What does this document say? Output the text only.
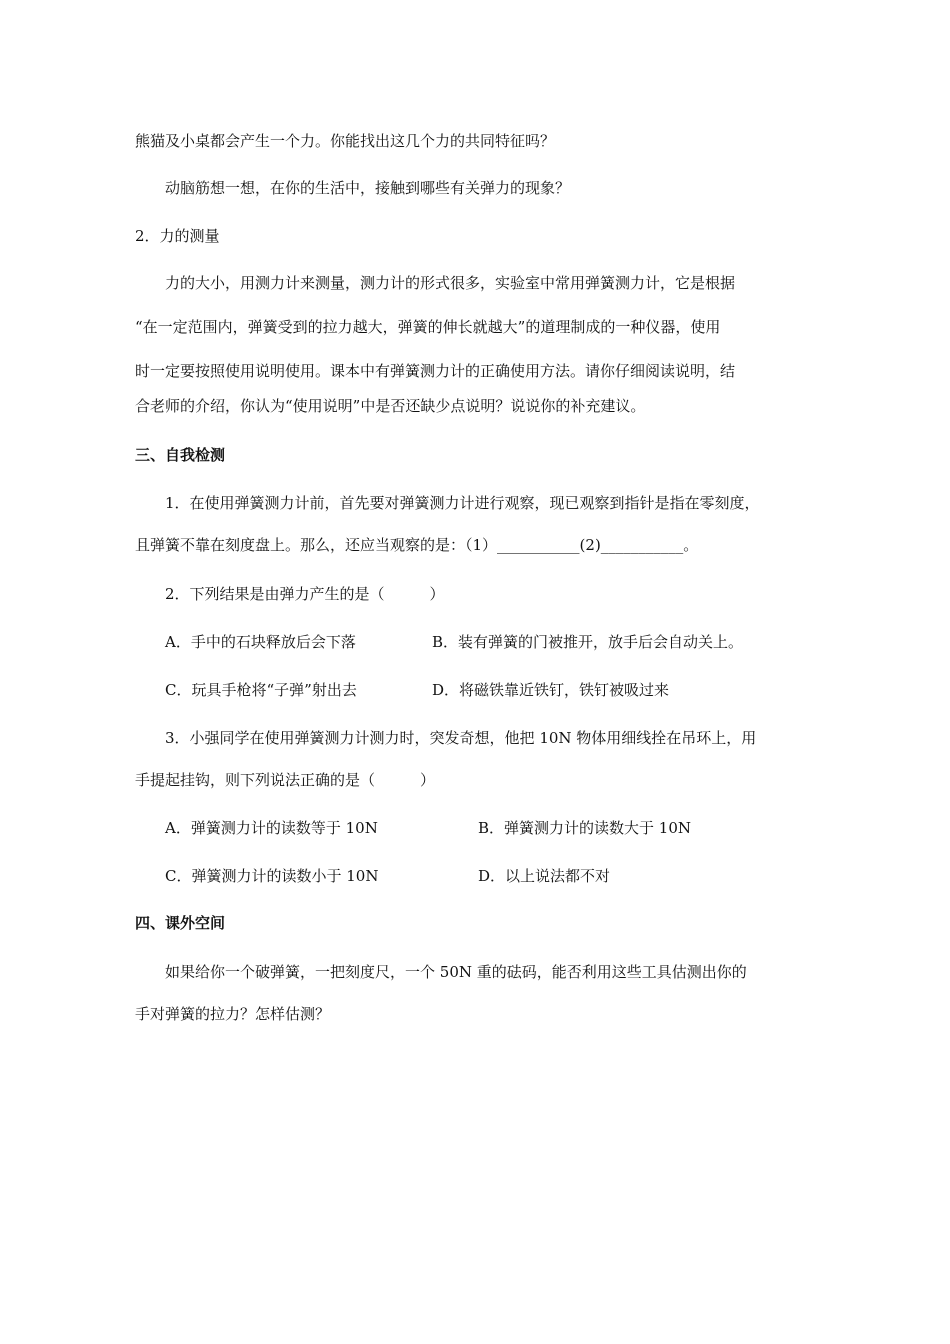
熊猫及小桌都会产生一个力。你能找出这几个力的共同特征吗？
动脑筋想一想，在你的生活中，接触到哪些有关弹力的现象？
2．力的测量
力的大小，用测力计来测量，测力计的形式很多，实验室中常用弹簧测力计，它是根据
“在一定范围内，弹簧受到的拉力越大，弹簧的伸长就越大”的道理制成的一种仪器，使用
时一定要按照使用说明使用。课本中有弹簧测力计的正确使用方法。请你仔细阅读说明，结
合老师的介绍，你认为“使用说明”中是否还缺少点说明？说说你的补充建议。
三、自我检测
1．在使用弹簧测力计前，首先要对弹簧测力计进行观察，现已观察到指针是指在零刻度，
且弹簧不靠在刻度盘上。那么，还应当观察的是：（1）___________(2)___________。
2．下列结果是由弹力产生的是（　　　）
A．手中的石块释放后会下落	B．装有弹簧的门被推开，放手后会自动关上。
C．玩具手枪将“子弹”射出去	D．将磁铁靠近铁钉，铁钉被吸过来
3．小强同学在使用弹簧测力计测力时，突发奇想，他把 10N 物体用细线拴在吊环上，用
手提起挂钩，则下列说法正确的是（　　　）
A．弹簧测力计的读数等于 10N	B．弹簧测力计的读数大于 10N
C．弹簧测力计的读数小于 10N	D．以上说法都不对
四、课外空间
如果给你一个破弹簧，一把刻度尺，一个 50N 重的砝码，能否利用这些工具估测出你的
手对弹簧的拉力？怎样估测？
